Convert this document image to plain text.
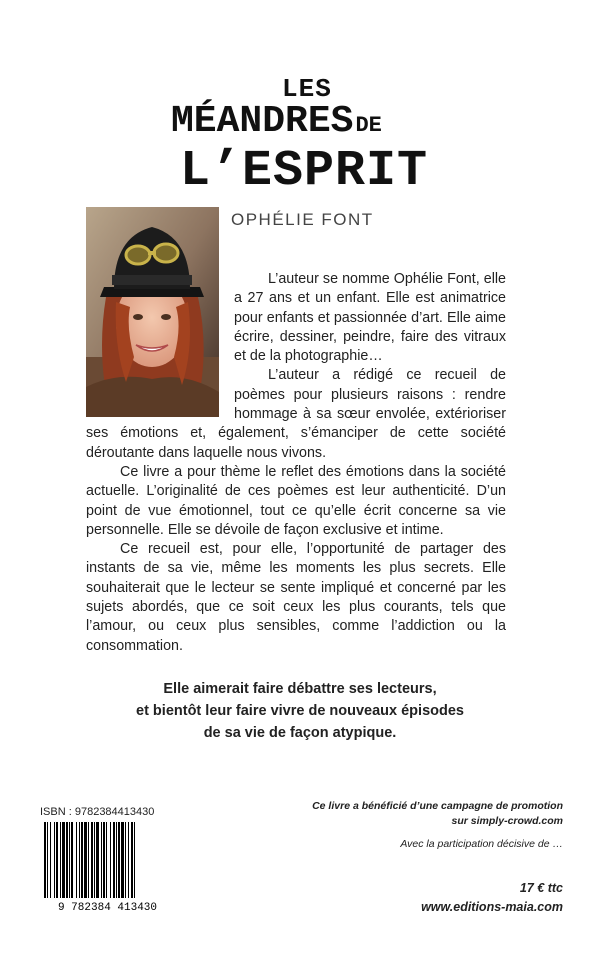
LES
MÉANDRESDE
L’ESPRIT
OPHÉLIE FONT

L’auteur se nomme Ophélie Font, elle a 27 ans et un enfant. Elle est animatrice pour enfants et passionnée d’art. Elle aime écrire, dessiner, peindre, faire des vitraux et de la photographie…

L’auteur a rédigé ce recueil de poèmes pour plusieurs raisons : rendre hommage à sa sœur envolée, extérioriser ses émotions et, également, s’émanciper de cette société déroutante dans laquelle nous vivons.

Ce livre a pour thème le reflet des émotions dans la société actuelle. L’originalité de ces poèmes est leur authenticité. D’un point de vue émotionnel, tout ce qu’elle écrit concerne sa vie personnelle. Elle se dévoile de façon exclusive et intime.

Ce recueil est, pour elle, l’opportunité de partager des instants de sa vie, même les moments les plus secrets. Elle souhaiterait que le lecteur se sente impliqué et concerné par les sujets abordés, que ce soit ceux les plus courants, tels que l’amour, ou ceux plus sensibles, comme l’addiction ou la consommation.

Elle aimerait faire débattre ses lecteurs,
et bientôt leur faire vivre de nouveaux épisodes
de sa vie de façon atypique.
ISBN : 9782384413430
9 782384 413430
Ce livre a bénéficié d’une campagne de promotion
sur simply-crowd.com
Avec la participation décisive de …
17 € ttc
www.editions-maia.com
